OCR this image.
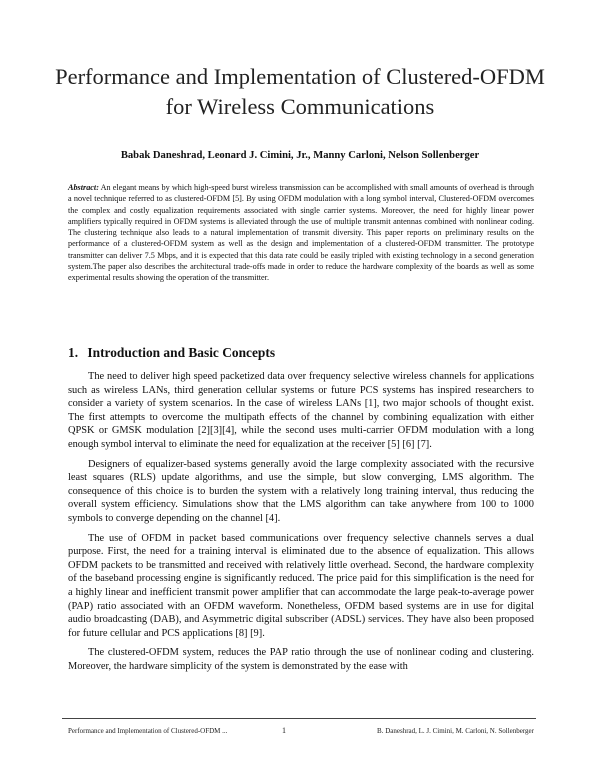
Performance and Implementation of Clustered-OFDM for Wireless Communications
Babak Daneshrad, Leonard J. Cimini, Jr., Manny Carloni, Nelson Sollenberger

Abstract: An elegant means by which high-speed burst wireless transmission can be accomplished with small amounts of overhead is through a novel technique referred to as clustered-OFDM [5]. By using OFDM modulation with a long symbol interval, Clustered-OFDM overcomes the complex and costly equalization requirements associated with single carrier systems. Moreover, the need for highly linear power amplifiers typically required in OFDM systems is alleviated through the use of multiple transmit antennas combined with nonlinear coding. The clustering technique also leads to a natural implementation of transmit diversity. This paper reports on preliminary results on the performance of a clustered-OFDM system as well as the design and implementation of a clustered-OFDM transmitter. The prototype transmitter can deliver 7.5 Mbps, and it is expected that this data rate could be easily tripled with existing technology in a second generation system.The paper also describes the architectural trade-offs made in order to reduce the hardware complexity of the boards as well as some experimental results showing the operation of the transmitter.

1. Introduction and Basic Concepts

The need to deliver high speed packetized data over frequency selective wireless channels for applications such as wireless LANs, third generation cellular systems or future PCS systems has inspired researchers to consider a variety of system scenarios. In the case of wireless LANs [1], two major schools of thought exist. The first attempts to overcome the multipath effects of the channel by combining equalization with either QPSK or GMSK modulation [2][3][4], while the second uses multi-carrier OFDM modulation with a long enough symbol interval to eliminate the need for equalization at the receiver [5] [6] [7].

Designers of equalizer-based systems generally avoid the large complexity associated with the recursive least squares (RLS) update algorithms, and use the simple, but slow converging, LMS algorithm. The consequence of this choice is to burden the system with a relatively long training interval, thus reducing the overall system efficiency. Simulations show that the LMS algorithm can take anywhere from 100 to 1000 symbols to converge depending on the channel [4].

The use of OFDM in packet based communications over frequency selective channels serves a dual purpose. First, the need for a training interval is eliminated due to the absence of equalization. This allows OFDM packets to be transmitted and received with relatively little overhead. Second, the hardware complexity of the baseband processing engine is significantly reduced. The price paid for this simplification is the need for a highly linear and inefficient transmit power amplifier that can accommodate the large peak-to-average power (PAP) ratio associated with an OFDM waveform. Nonetheless, OFDM based systems are in use for digital audio broadcasting (DAB), and Asymmetric digital subscriber (ADSL) services. They have also been proposed for future cellular and PCS applications [8] [9].

The clustered-OFDM system, reduces the PAP ratio through the use of nonlinear coding and clustering. Moreover, the hardware simplicity of the system is demonstrated by the ease with

Performance and Implementation of Clustered-OFDM ...	1	B. Daneshrad, L. J. Cimini, M. Carloni, N. Sollenberger
